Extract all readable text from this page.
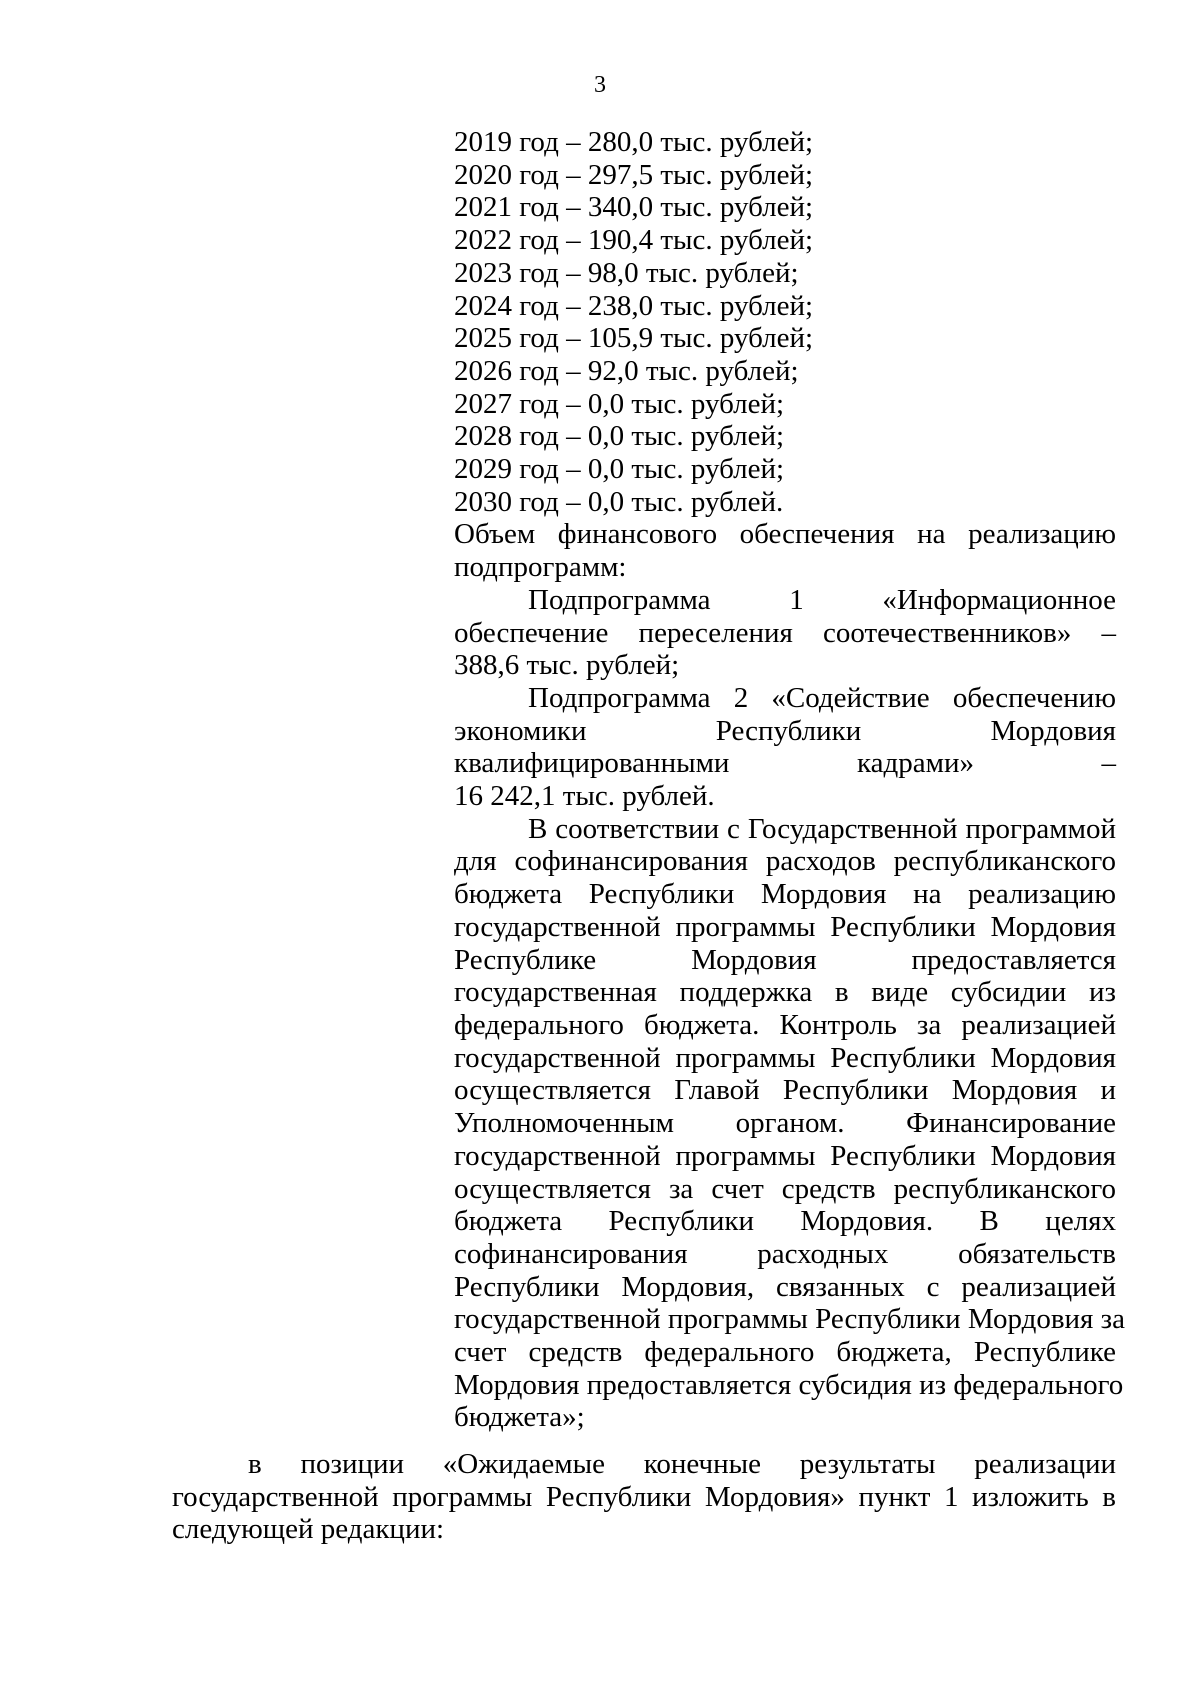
3
2019 год – 280,0 тыс. рублей;
2020 год – 297,5 тыс. рублей;
2021 год – 340,0 тыс. рублей;
2022 год – 190,4 тыс. рублей;
2023 год – 98,0 тыс. рублей;
2024 год – 238,0 тыс. рублей;
2025 год – 105,9 тыс. рублей;
2026 год – 92,0 тыс. рублей;
2027 год – 0,0 тыс. рублей;
2028 год – 0,0 тыс. рублей;
2029 год – 0,0 тыс. рублей;
2030 год – 0,0 тыс. рублей.
Объем финансового обеспечения на реализацию
подпрограмм:
Подпрограмма 1 «Информационное
обеспечение переселения соотечественников» –
388,6 тыс. рублей;
Подпрограмма 2 «Содействие обеспечению
экономики Республики Мордовия
квалифицированными кадрами» –
16 242,1 тыс. рублей.
В соответствии с Государственной программой
для софинансирования расходов республиканского
бюджета Республики Мордовия на реализацию
государственной программы Республики Мордовия
Республике Мордовия предоставляется
государственная поддержка в виде субсидии из
федерального бюджета. Контроль за реализацией
государственной программы Республики Мордовия
осуществляется Главой Республики Мордовия и
Уполномоченным органом. Финансирование
государственной программы Республики Мордовия
осуществляется за счет средств республиканского
бюджета Республики Мордовия. В целях
софинансирования расходных обязательств
Республики Мордовия, связанных с реализацией
государственной программы Республики Мордовия за
счет средств федерального бюджета, Республике
Мордовия предоставляется субсидия из федерального
бюджета»;
в позиции «Ожидаемые конечные результаты реализации
государственной программы Республики Мордовия» пункт 1 изложить в
следующей редакции:
